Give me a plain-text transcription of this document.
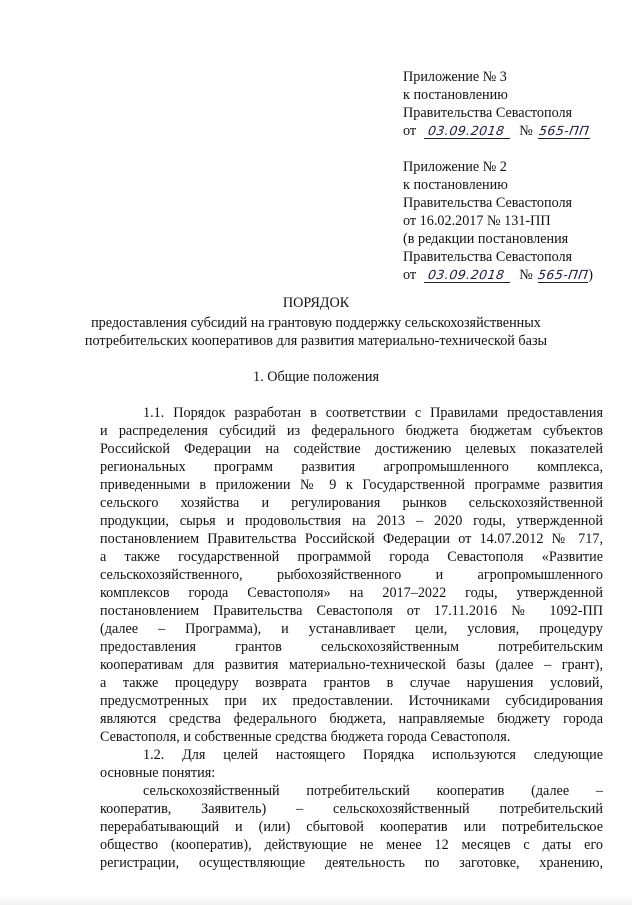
Приложение № 3
к постановлению
Правительства Севастополя
от 03.09.2018 № 565-ПП
Приложение № 2
к постановлению
Правительства Севастополя
от 16.02.2017 № 131-ПП
(в редакции постановления
Правительства Севастополя
от 03.09.2018 № 565-ПП)
ПОРЯДОК
предоставления субсидий на грантовую поддержку сельскохозяйственных
потребительских кооперативов для развития материально-технической базы
1. Общие положения
1.1. Порядок разработан в соответствии с Правилами предоставления
и распределения субсидий из федерального бюджета бюджетам субъектов
Российской Федерации на содействие достижению целевых показателей
региональных программ развития агропромышленного комплекса,
приведенными в приложении № 9 к Государственной программе развития
сельского хозяйства и регулирования рынков сельскохозяйственной
продукции, сырья и продовольствия на 2013 – 2020 годы, утвержденной
постановлением Правительства Российской Федерации от 14.07.2012 № 717,
а также государственной программой города Севастополя «Развитие
сельскохозяйственного, рыбохозяйственного и агропромышленного
комплексов города Севастополя» на 2017–2022 годы, утвержденной
постановлением Правительства Севастополя от 17.11.2016 № 1092-ПП
(далее – Программа), и устанавливает цели, условия, процедуру
предоставления грантов сельскохозяйственным потребительским
кооперативам для развития материально-технической базы (далее – грант),
а также процедуру возврата грантов в случае нарушения условий,
предусмотренных при их предоставлении. Источниками субсидирования
являются средства федерального бюджета, направляемые бюджету города
Севастополя, и собственные средства бюджета города Севастополя.
1.2. Для целей настоящего Порядка используются следующие
основные понятия:
сельскохозяйственный потребительский кооператив (далее –
кооператив, Заявитель) – сельскохозяйственный потребительский
перерабатывающий и (или) сбытовой кооператив или потребительское
общество (кооператив), действующие не менее 12 месяцев с даты его
регистрации, осуществляющие деятельность по заготовке, хранению,
